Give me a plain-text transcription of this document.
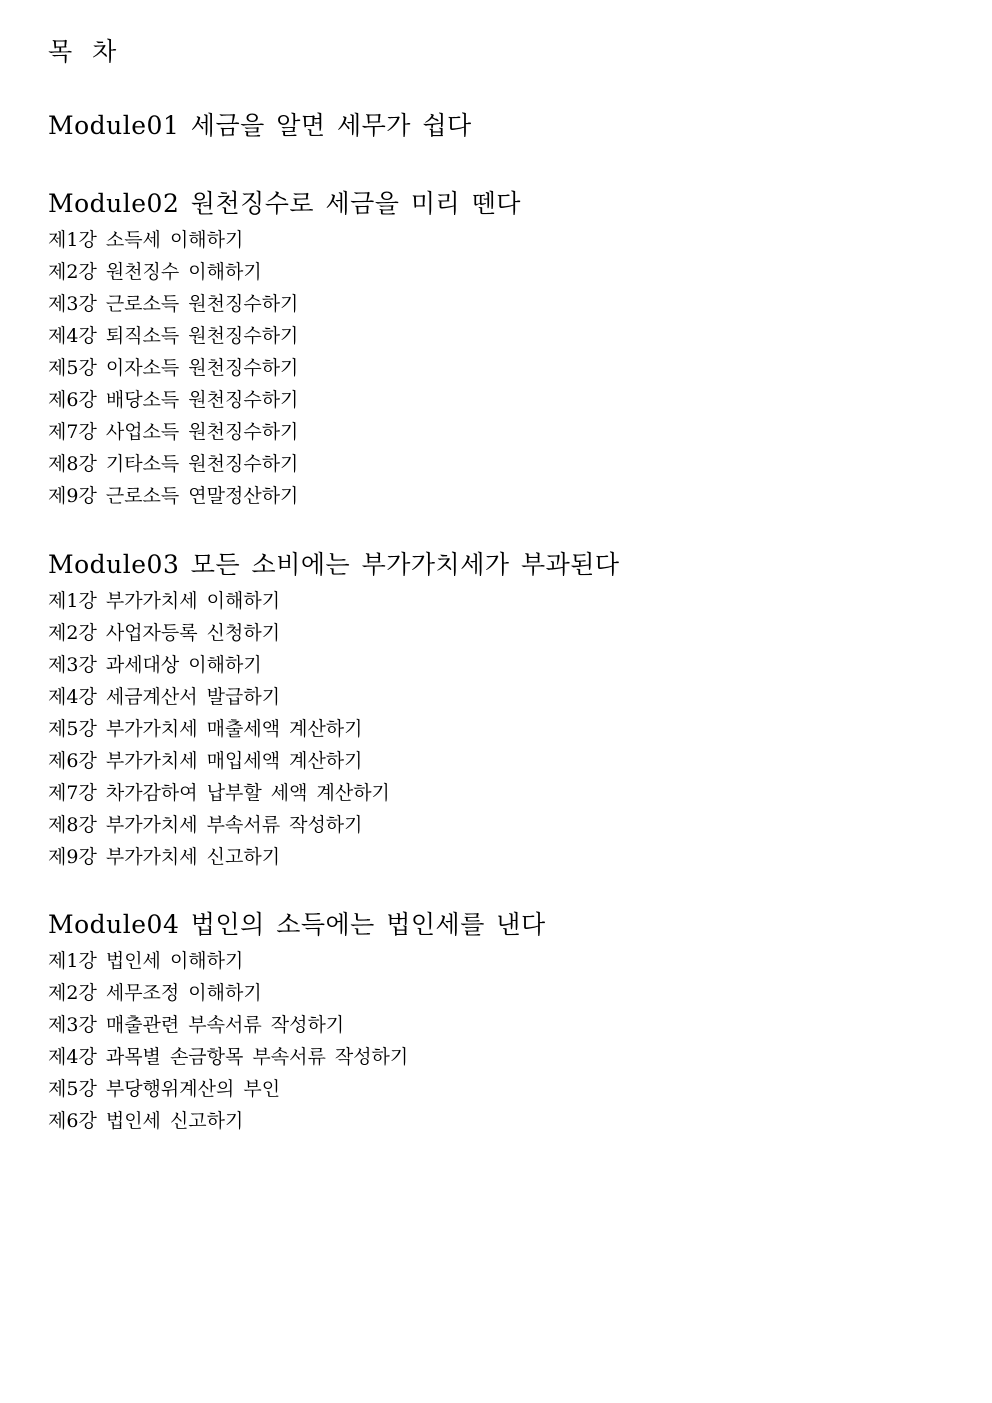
목 차
Module01 세금을 알면 세무가 쉽다
Module02 원천징수로 세금을 미리 뗀다
제1강 소득세 이해하기
제2강 원천징수 이해하기
제3강 근로소득 원천징수하기
제4강 퇴직소득 원천징수하기
제5강 이자소득 원천징수하기
제6강 배당소득 원천징수하기
제7강 사업소득 원천징수하기
제8강 기타소득 원천징수하기
제9강 근로소득 연말정산하기
Module03 모든 소비에는 부가가치세가 부과된다
제1강 부가가치세 이해하기
제2강 사업자등록 신청하기
제3강 과세대상 이해하기
제4강 세금계산서 발급하기
제5강 부가가치세 매출세액 계산하기
제6강 부가가치세 매입세액 계산하기
제7강 차가감하여 납부할 세액 계산하기
제8강 부가가치세 부속서류 작성하기
제9강 부가가치세 신고하기
Module04 법인의 소득에는 법인세를 낸다
제1강 법인세 이해하기
제2강 세무조정 이해하기
제3강 매출관련 부속서류 작성하기
제4강 과목별 손금항목 부속서류 작성하기
제5강 부당행위계산의 부인
제6강 법인세 신고하기
